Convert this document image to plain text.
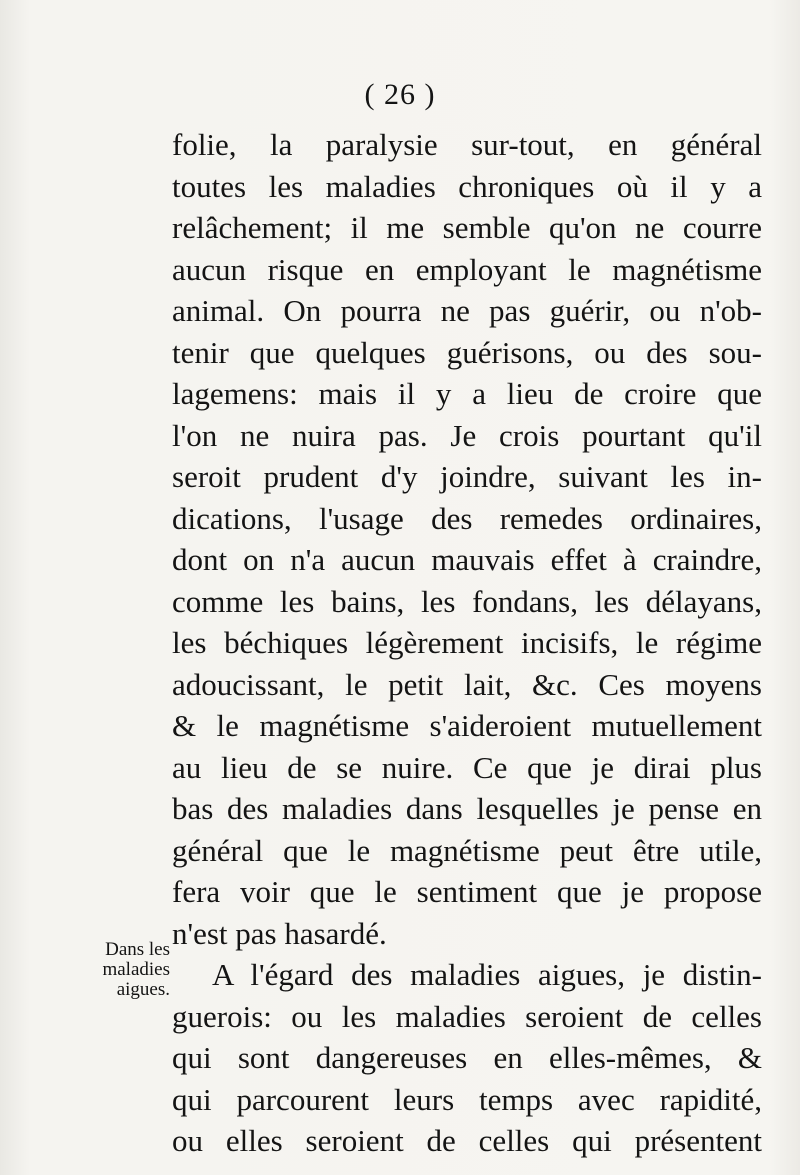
( 26 )
folie, la paralysie sur-tout, en général
toutes les maladies chroniques où il y a
relâchement; il me semble qu'on ne courre
aucun risque en employant le magnétisme
animal. On pourra ne pas guérir, ou n'ob-
tenir que quelques guérisons, ou des sou-
lagemens: mais il y a lieu de croire que
l'on ne nuira pas. Je crois pourtant qu'il
seroit prudent d'y joindre, suivant les in-
dications, l'usage des remedes ordinaires,
dont on n'a aucun mauvais effet à craindre,
comme les bains, les fondans, les délayans,
les béchiques légèrement incisifs, le régime
adoucissant, le petit lait, &c. Ces moyens
& le magnétisme s'aideroient mutuellement
au lieu de se nuire. Ce que je dirai plus
bas des maladies dans lesquelles je pense en
général que le magnétisme peut être utile,
fera voir que le sentiment que je propose
n'est pas hasardé.
A l'égard des maladies aigues, je distin-
guerois: ou les maladies seroient de celles
qui sont dangereuses en elles-mêmes, &
qui parcourent leurs temps avec rapidité,
ou elles seroient de celles qui présentent
Dans les
maladies
aigues.
